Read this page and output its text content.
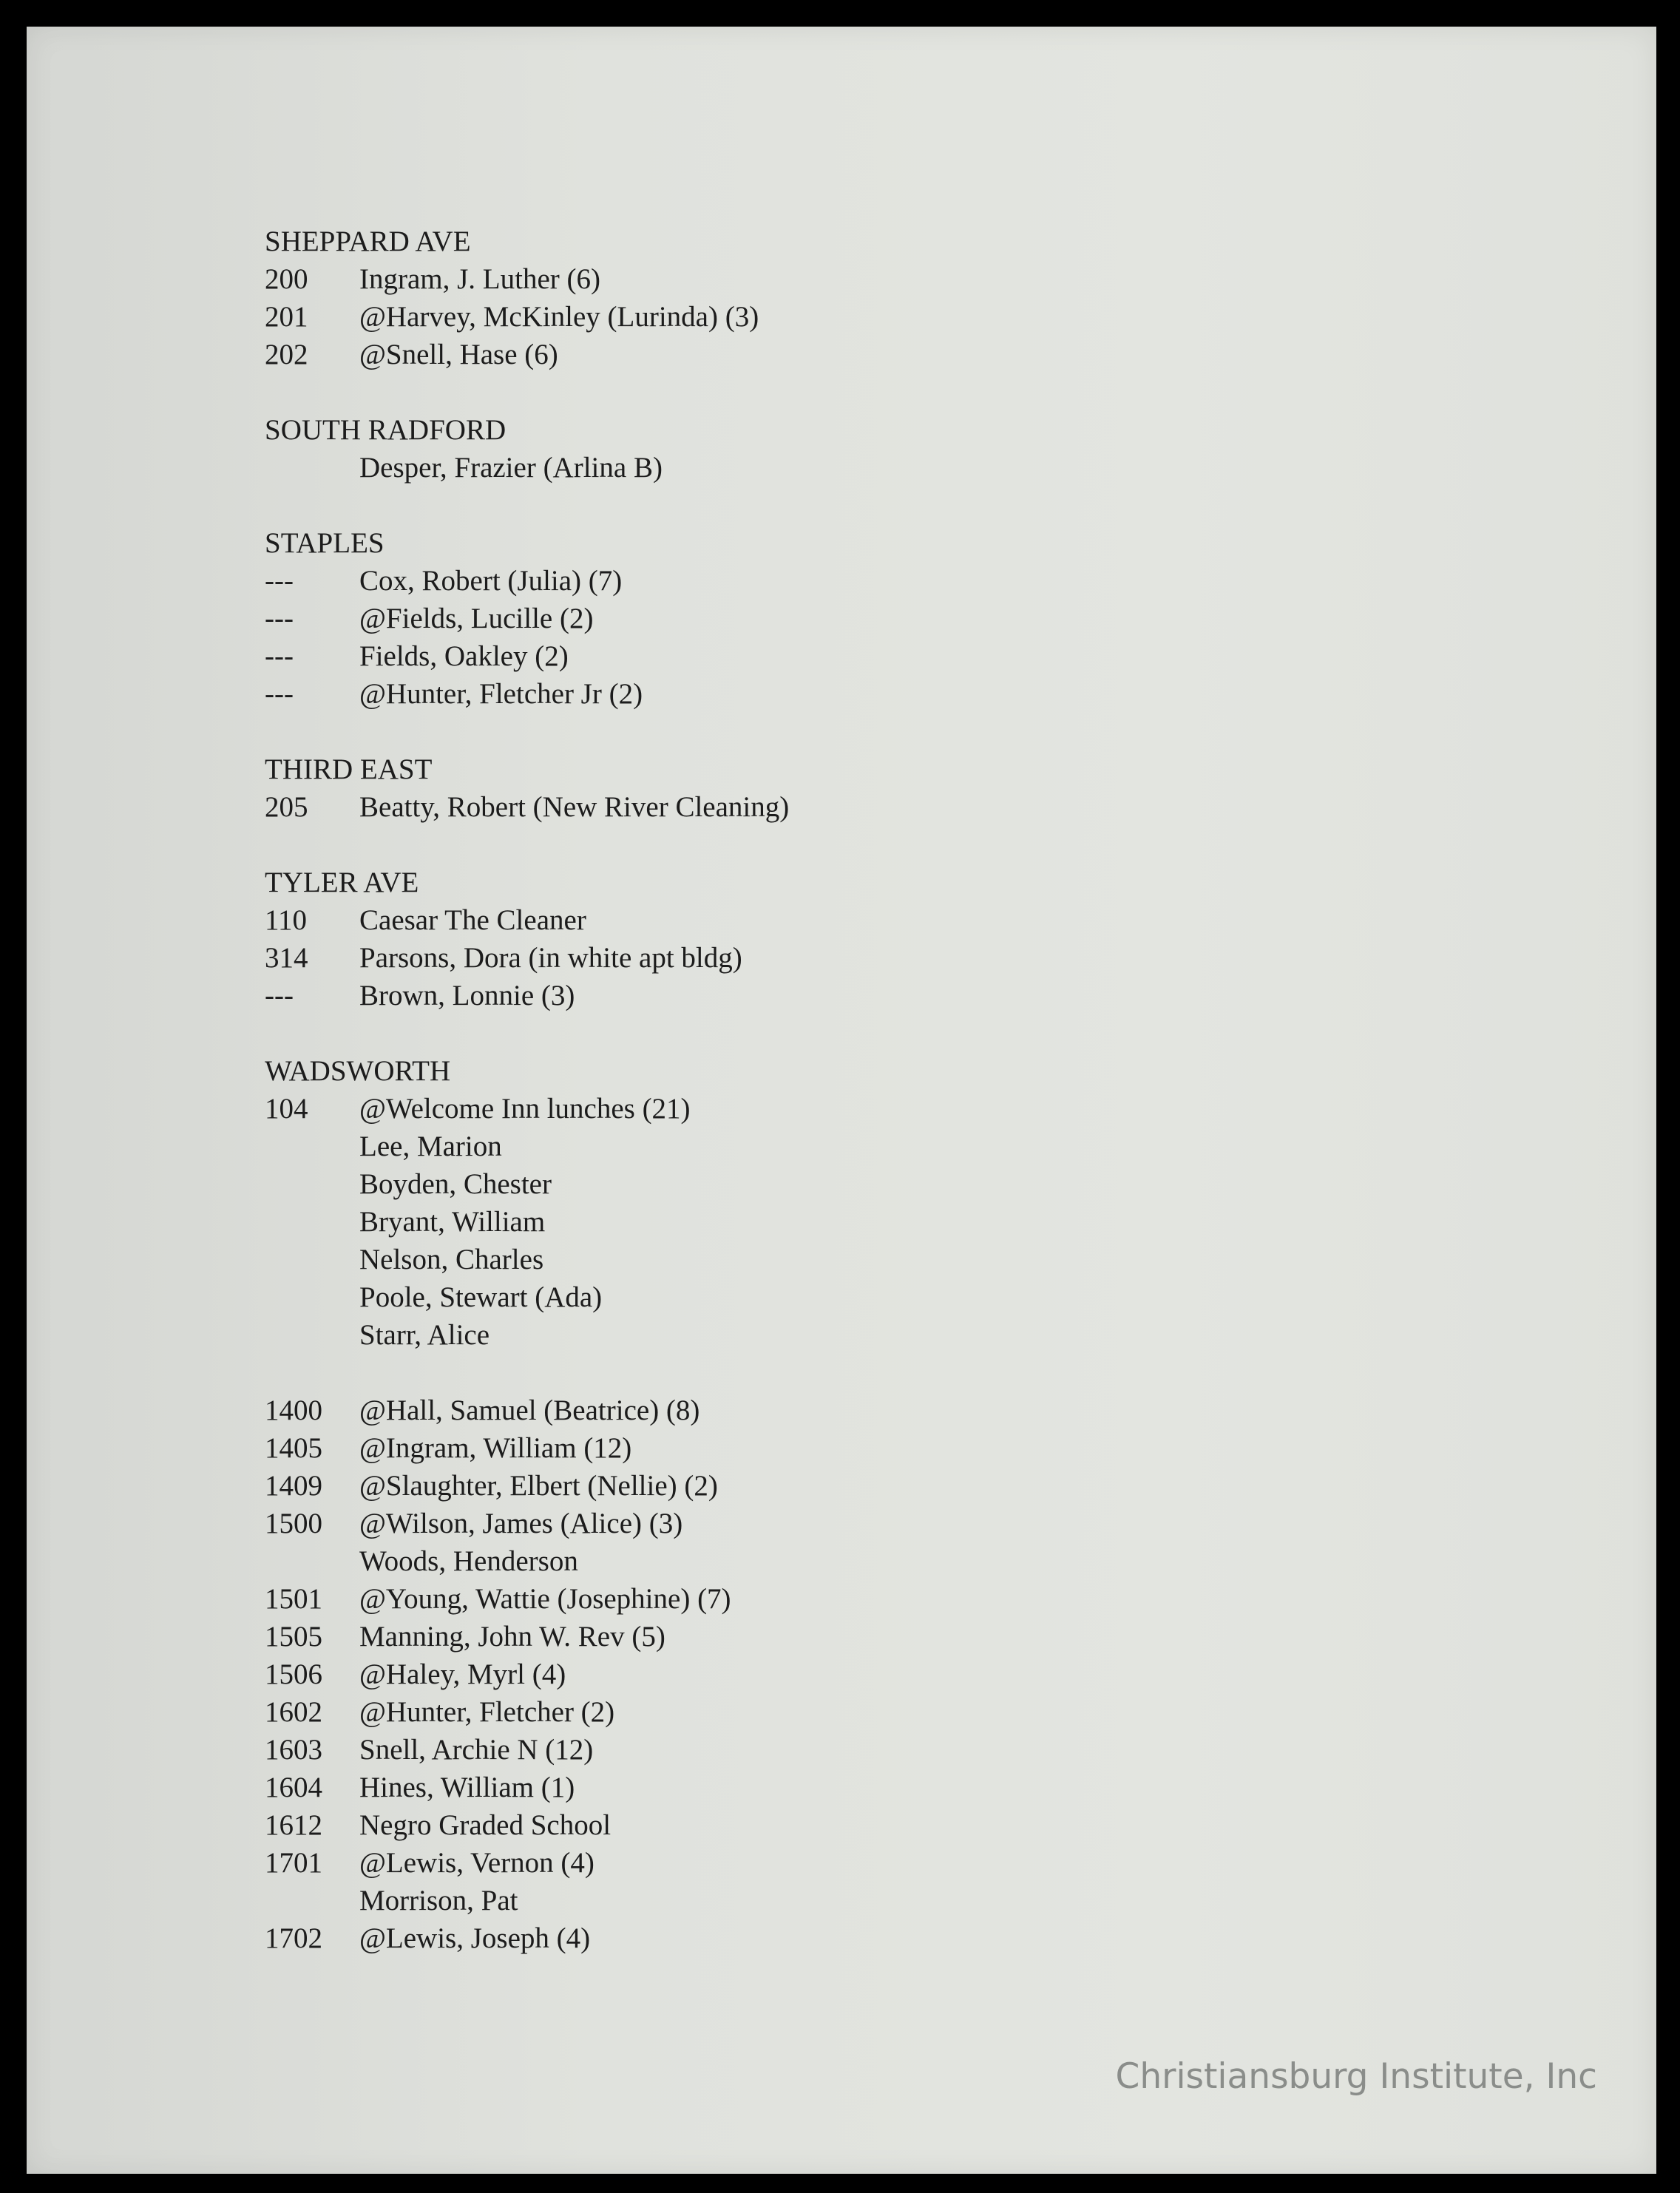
SHEPPARD AVE
200	Ingram, J. Luther (6)
201	@Harvey, McKinley (Lurinda) (3)
202	@Snell, Hase (6)
SOUTH RADFORD
Desper, Frazier (Arlina B)
STAPLES
---	Cox, Robert (Julia) (7)
---	@Fields, Lucille (2)
---	Fields, Oakley (2)
---	@Hunter, Fletcher Jr (2)
THIRD EAST
205	Beatty, Robert (New River Cleaning)
TYLER AVE
110	Caesar The Cleaner
314	Parsons, Dora (in white apt bldg)
---	Brown, Lonnie (3)
WADSWORTH
104	@Welcome Inn lunches (21)
Lee, Marion
Boyden, Chester
Bryant, William
Nelson, Charles
Poole, Stewart (Ada)
Starr, Alice
1400	@Hall, Samuel (Beatrice) (8)
1405	@Ingram, William (12)
1409	@Slaughter, Elbert (Nellie) (2)
1500	@Wilson, James (Alice) (3)
Woods, Henderson
1501	@Young, Wattie (Josephine) (7)
1505	Manning, John W. Rev (5)
1506	@Haley, Myrl (4)
1602	@Hunter, Fletcher (2)
1603	Snell, Archie N (12)
1604	Hines, William (1)
1612	Negro Graded School
1701	@Lewis, Vernon (4)
Morrison, Pat
1702	@Lewis, Joseph (4)
Christiansburg Institute, Inc
